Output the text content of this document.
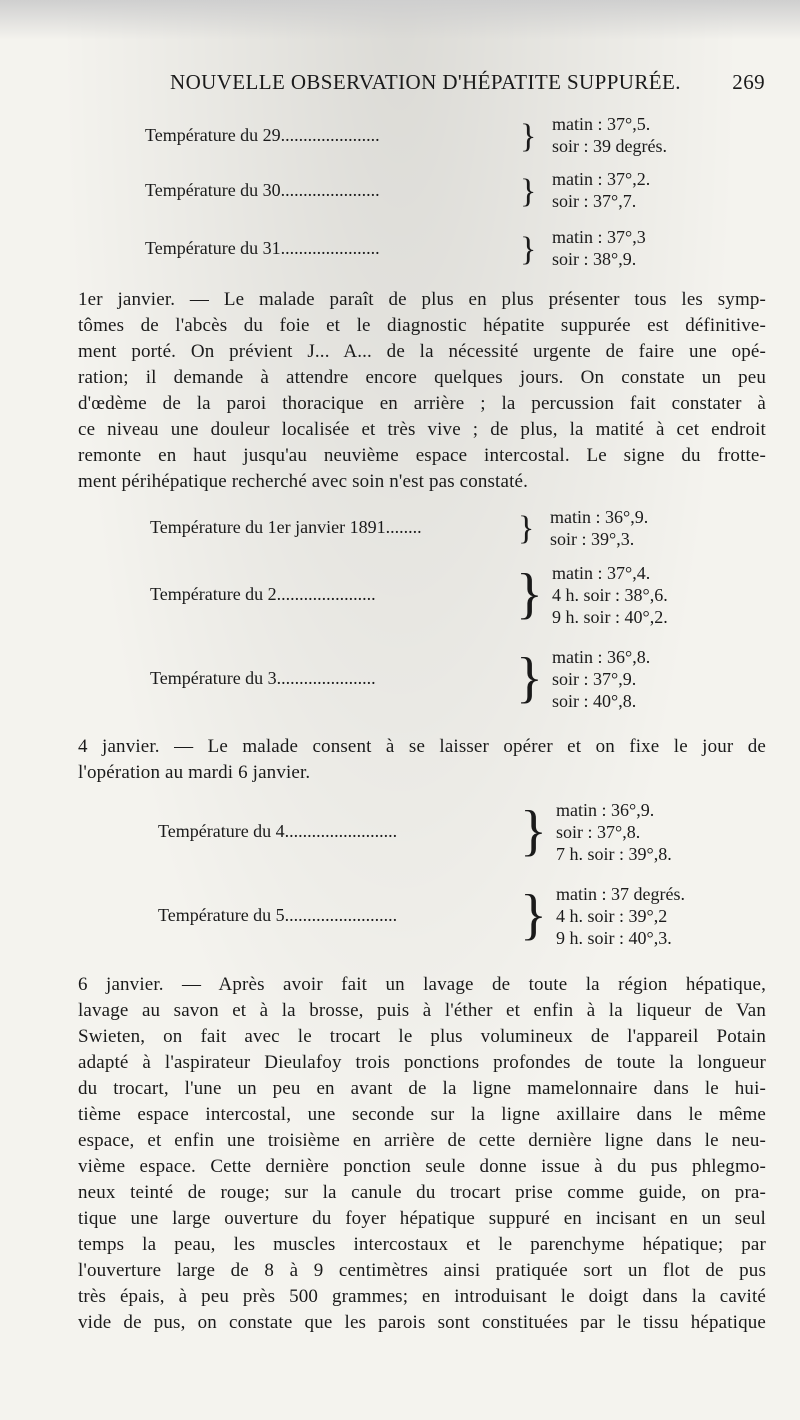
NOUVELLE OBSERVATION D'HÉPATITE SUPPURÉE. 269
Température du 29......................	} matin : 37°,5.
soir : 39 degrés.
Température du 30......................	} matin : 37°,2.
soir : 37°,7.
Température du 31......................	} matin : 37°,3
soir : 38°,9.
1er janvier. — Le malade paraît de plus en plus présenter tous les symp-
tômes de l'abcès du foie et le diagnostic hépatite suppurée est définitive-
ment porté. On prévient J... A... de la nécessité urgente de faire une opé-
ration; il demande à attendre encore quelques jours. On constate un peu
d'œdème de la paroi thoracique en arrière ; la percussion fait constater à
ce niveau une douleur localisée et très vive ; de plus, la matité à cet endroit
remonte en haut jusqu'au neuvième espace intercostal. Le signe du frotte-
ment périhépatique recherché avec soin n'est pas constaté.
Température du 1er janvier 1891........	} matin : 36°,9.
soir : 39°,3.
Température du 2......................	} matin : 37°,4.
4 h. soir : 38°,6.
9 h. soir : 40°,2.
Température du 3......................	} matin : 36°,8.
soir : 37°,9.
soir : 40°,8.
4 janvier. — Le malade consent à se laisser opérer et on fixe le jour de
l'opération au mardi 6 janvier.
Température du 4......................... } matin : 36°,9.
soir : 37°,8.
7 h. soir : 39°,8.
Température du 5......................... } matin : 37 degrés.
4 h. soir : 39°,2
9 h. soir : 40°,3.
6 janvier. — Après avoir fait un lavage de toute la région hépatique,
lavage au savon et à la brosse, puis à l'éther et enfin à la liqueur de Van
Swieten, on fait avec le trocart le plus volumineux de l'appareil Potain
adapté à l'aspirateur Dieulafoy trois ponctions profondes de toute la longueur
du trocart, l'une un peu en avant de la ligne mamelonnaire dans le hui-
tième espace intercostal, une seconde sur la ligne axillaire dans le même
espace, et enfin une troisième en arrière de cette dernière ligne dans le neu-
vième espace. Cette dernière ponction seule donne issue à du pus phlegmo-
neux teinté de rouge; sur la canule du trocart prise comme guide, on pra-
tique une large ouverture du foyer hépatique suppuré en incisant en un seul
temps la peau, les muscles intercostaux et le parenchyme hépatique; par
l'ouverture large de 8 à 9 centimètres ainsi pratiquée sort un flot de pus
très épais, à peu près 500 grammes; en introduisant le doigt dans la cavité
vide de pus, on constate que les parois sont constituées par le tissu hépatique
